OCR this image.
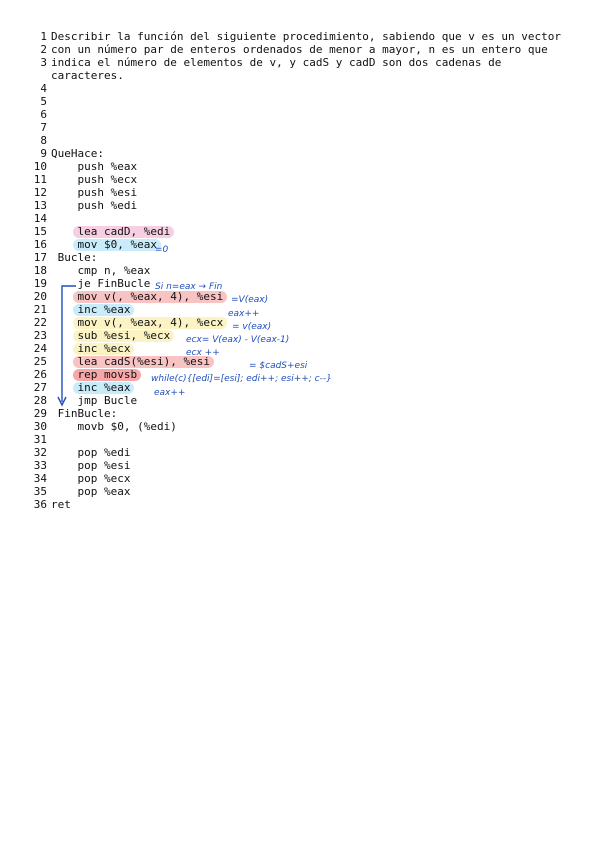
1 Describir la función del siguiente procedimiento, sabiendo que v es un vector
2 con un número par de enteros ordenados de menor a mayor, n es un entero que
3 indica el número de elementos de v, y cadS y cadD son dos cadenas de
caracteres.
4
5
6
7
8
9 QueHace:
10 push %eax
11 push %ecx
12 push %esi
13 push %edi
14
15 lea cadD, %edi
16 mov $0, %eax
17 Bucle:
18 cmp n, %eax
19 je FinBucle
20 mov v(, %eax, 4), %esi
21 inc %eax
22 mov v(, %eax, 4), %ecx
23 sub %esi, %ecx
24 inc %ecx
25 lea cadS(%esi), %esi
26 rep movsb
27 inc %eax
28 jmp Bucle
29 FinBucle:
30 movb $0, (%edi)
31
32 pop %edi
33 pop %esi
34 pop %ecx
35 pop %eax
36 ret
=0
Si n=eax → Fin
=V(eax)
eax++
= v(eax)
ecx= V(eax) - V(eax-1)
ecx ++
= $cadS+esi
while(c){[edi]=[esi]; edi++; esi++; c--}
eax++
